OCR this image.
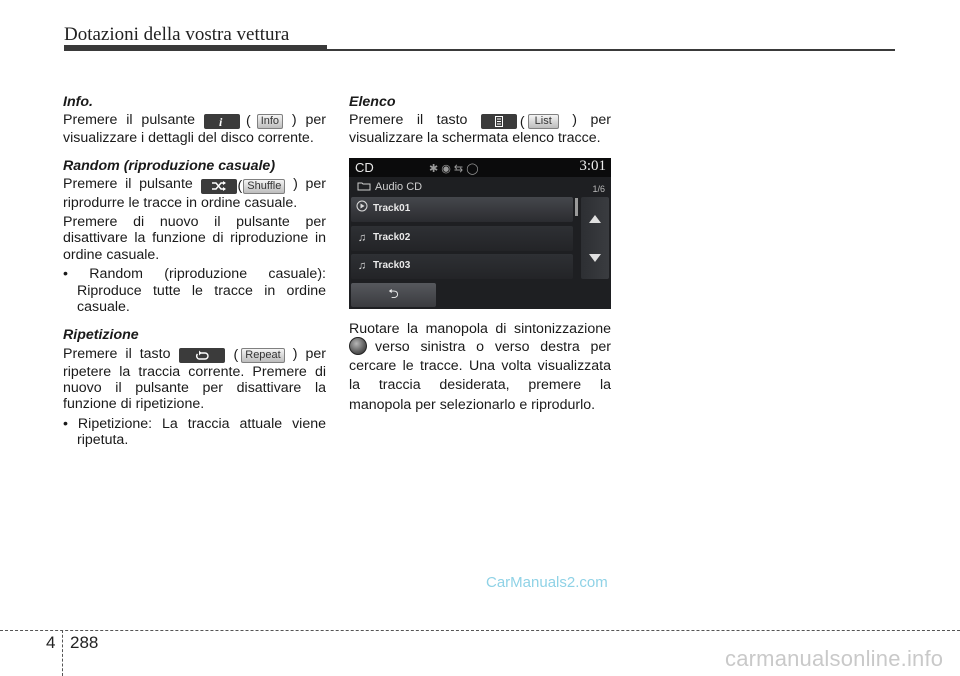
Dotazioni della vostra vettura
Info.

Premere il pulsante i ( Info ) per

visualizzare i dettagli del disco corrente.

Random (riproduzione casuale)

Premere il pulsante	( Shuffle ) per

riprodurre le tracce in ordine casuale.

Premere di nuovo il pulsante per disattivare la funzione di riproduzione in ordine casuale.

• Random (riproduzione casuale): Riproduce tutte le tracce in ordine casuale.

Ripetizione

Premere il tasto	( Repeat ) per

ripetere la traccia corrente. Premere di nuovo il pulsante per disattivare la funzione di ripetizione.

• Ripetizione: La traccia attuale viene ripetuta.

Elenco

Premere il tasto	( List	) per

visualizzare la schermata elenco tracce.

CD	✱ ◉ ⇆ ◯	3:01
Audio CD	1/6
Track01
♫ Track02
♫ Track03
⮌

Ruotare la manopola di sintonizzazione

verso sinistra o verso destra per cercare le tracce. Una volta visualizzata la traccia desiderata, premere la manopola per selezionarlo e riprodurlo.

CarManuals2.com
4 288
carmanualsonline.info
